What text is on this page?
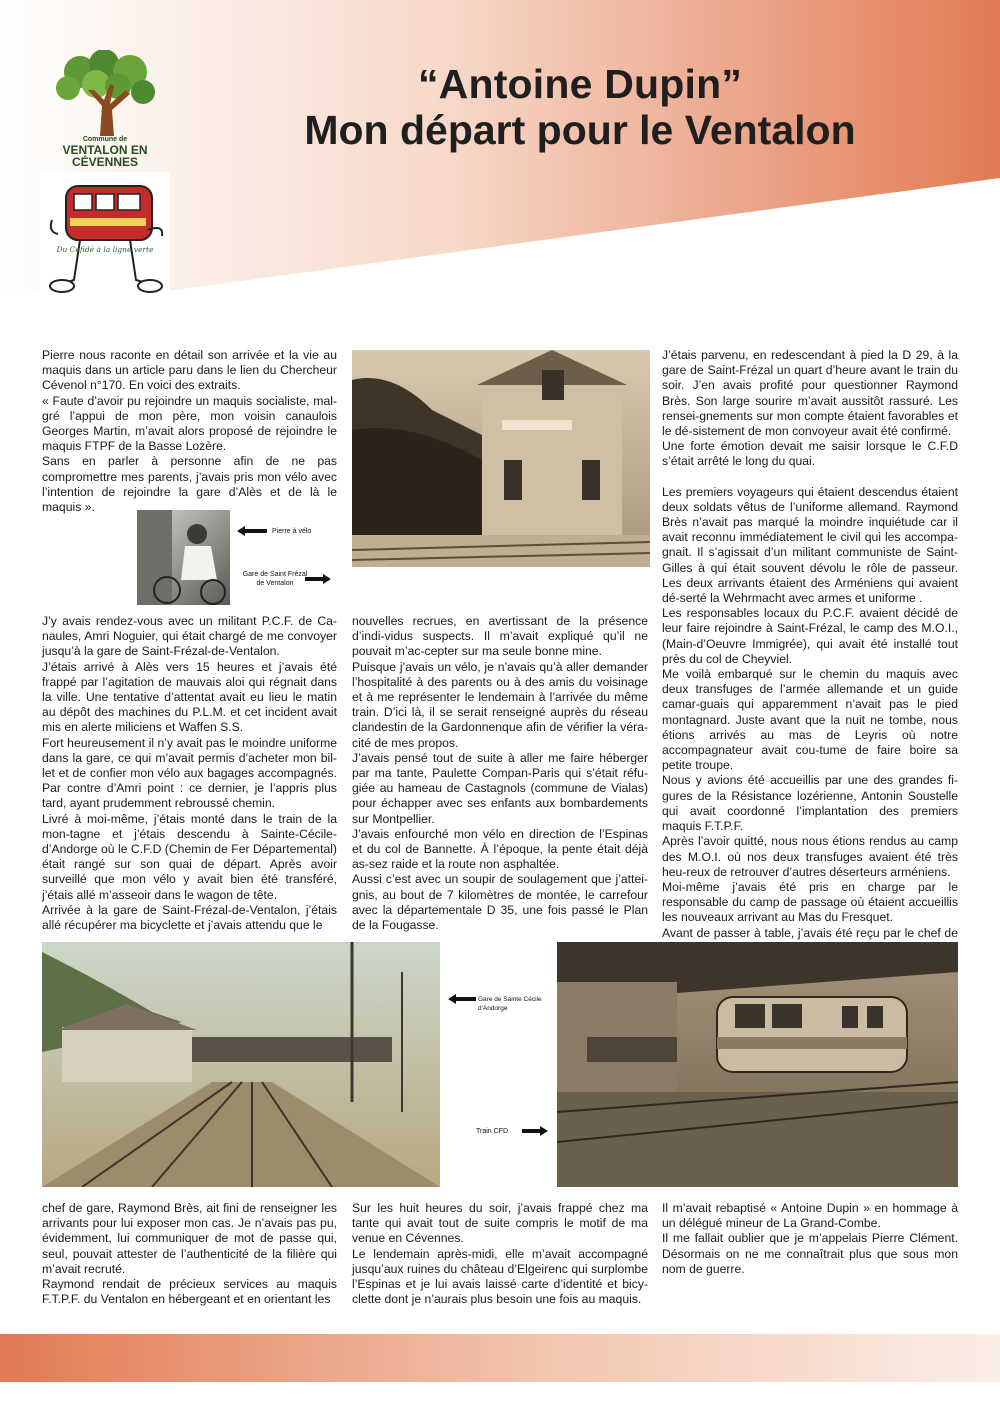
“Antoine Dupin”
Mon départ pour le Ventalon
Commune de
VENTALON EN CÉVENNES
Du Céfidé à la ligne verte

Pierre nous raconte en détail son arrivée et la vie au maquis dans un article paru dans le lien du Chercheur Cévenol n°170. En voici des extraits.

« Faute d’avoir pu rejoindre un maquis socialiste, mal-gré l’appui de mon père, mon voisin canaulois Georges Martin, m’avait alors proposé de rejoindre le maquis FTPF de la Basse Lozère.

Sans en parler à personne afin de ne pas compromettre mes parents, j’avais pris mon vélo avec l’intention de rejoindre la gare d’Alès et de là le maquis ».

Pierre à vélo
Gare de Saint Frézal
de Ventalon

J’y avais rendez-vous avec un militant P.C.F. de Ca-naules, Amri Noguier, qui était chargé de me convoyer jusqu’à la gare de Saint-Frézal-de-Ventalon.

J’étais arrivé à Alès vers 15 heures et j’avais été frappé par l’agitation de mauvais aloi qui régnait dans la ville. Une tentative d’attentat avait eu lieu le matin au dépôt des machines du P.L.M. et cet incident avait mis en alerte miliciens et Waffen S.S.

Fort heureusement il n’y avait pas le moindre uniforme dans la gare, ce qui m’avait permis d’acheter mon bil-let et de confier mon vélo aux bagages accompagnés. Par contre d’Amri point : ce dernier, je l’appris plus tard, ayant prudemment rebroussé chemin.

Livré à moi-même, j’étais monté dans le train de la mon-tagne et j’étais descendu à Sainte-Cécile-d’Andorge où le C.F.D (Chemin de Fer Départemental) était rangé sur son quai de départ. Après avoir surveillé que mon vélo y avait bien été transféré, j’étais allé m’asseoir dans le wagon de tête.

Arrivée à la gare de Saint-Frézal-de-Ventalon, j’étais allé récupérer ma bicyclette et j’avais attendu que le

nouvelles recrues, en avertissant de la présence d’indi-vidus suspects. Il m’avait expliqué qu’il ne pouvait m’ac-cepter sur ma seule bonne mine.

Puisque j’avais un vélo, je n’avais qu’à aller demander l’hospitalité à des parents ou à des amis du voisinage et à me représenter le lendemain à l’arrivée du même train. D’ici là, il se serait renseigné auprès du réseau clandestin de la Gardonnenque afin de vérifier la véra-cité de mes propos.

J’avais pensé tout de suite à aller me faire héberger par ma tante, Paulette Compan-Paris qui s’était réfu-giée au hameau de Castagnols (commune de Vialas) pour échapper avec ses enfants aux bombardements sur Montpellier.

J’avais enfourché mon vélo en direction de l’Espinas et du col de Bannette. À l’époque, la pente était déjà as-sez raide et la route non asphaltée.

Aussi c’est avec un soupir de soulagement que j’attei-gnis, au bout de 7 kilomètres de montée, le carrefour avec la départementale D 35, une fois passé le Plan de la Fougasse.

J’étais parvenu, en redescendant à pied la D 29, à la gare de Saint-Frézal un quart d’heure avant le train du soir. J’en avais profité pour questionner Raymond Brès. Son large sourire m’avait aussitôt rassuré. Les rensei-gnements sur mon compte étaient favorables et le dé-sistement de mon convoyeur avait été confirmé.

Une forte émotion devait me saisir lorsque le C.F.D s’était arrêté le long du quai.

Les premiers voyageurs qui étaient descendus étaient deux soldats vêtus de l’uniforme allemand. Raymond Brès n’avait pas marqué la moindre inquiétude car il avait reconnu immédiatement le civil qui les accompa-gnait. Il s’agissait d’un militant communiste de Saint-Gilles à qui était souvent dévolu le rôle de passeur. Les deux arrivants étaient des Arméniens qui avaient dé-serté la Wehrmacht avec armes et uniforme .

Les responsables locaux du P.C.F. avaient décidé de leur faire rejoindre à Saint-Frézal, le camp des M.O.I., (Main-d’Oeuvre Immigrée), qui avait été installé tout près du col de Cheyviel.

Me voilà embarqué sur le chemin du maquis avec deux transfuges de l’armée allemande et un guide camar-guais qui apparemment n’avait pas le pied montagnard. Juste avant que la nuit ne tombe, nous étions arrivés au mas de Leyris où notre accompagnateur avait cou-tume de faire boire sa petite troupe.

Nous y avions été accueillis par une des grandes fi-gures de la Résistance lozérienne, Antonin Soustelle qui avait coordonné l’implantation des premiers maquis F.T.P.F.

Après l’avoir quitté, nous nous étions rendus au camp des M.O.I. où nos deux transfuges avaient été très heu-reux de retrouver d’autres déserteurs arméniens.

Moi-même j’avais été pris en charge par le responsable du camp de passage où étaient accueillis les nouveaux arrivant au Mas du Fresquet.

Avant de passer à table, j’avais été reçu par le chef de

Gare de Sainte Cécile d'Andorge
Train CFD

chef de gare, Raymond Brès, ait fini de renseigner les arrivants pour lui exposer mon cas. Je n’avais pas pu, évidemment, lui communiquer de mot de passe qui, seul, pouvait attester de l’authenticité de la filière qui m’avait recruté.

Raymond rendait de précieux services au maquis F.T.P.F. du Ventalon en hébergeant et en orientant les

Sur les huit heures du soir, j’avais frappé chez ma tante qui avait tout de suite compris le motif de ma venue en Cévennes.

Le lendemain après-midi, elle m’avait accompagné jusqu’aux ruines du château d’Elgeirenc qui surplombe l’Espinas et je lui avais laissé carte d’identité et bicy-clette dont je n’aurais plus besoin une fois au maquis.

Il m’avait rebaptisé « Antoine Dupin » en hommage à un délégué mineur de La Grand-Combe.

Il me fallait oublier que je m’appelais Pierre Clément. Désormais on ne me connaîtrait plus que sous mon nom de guerre.
